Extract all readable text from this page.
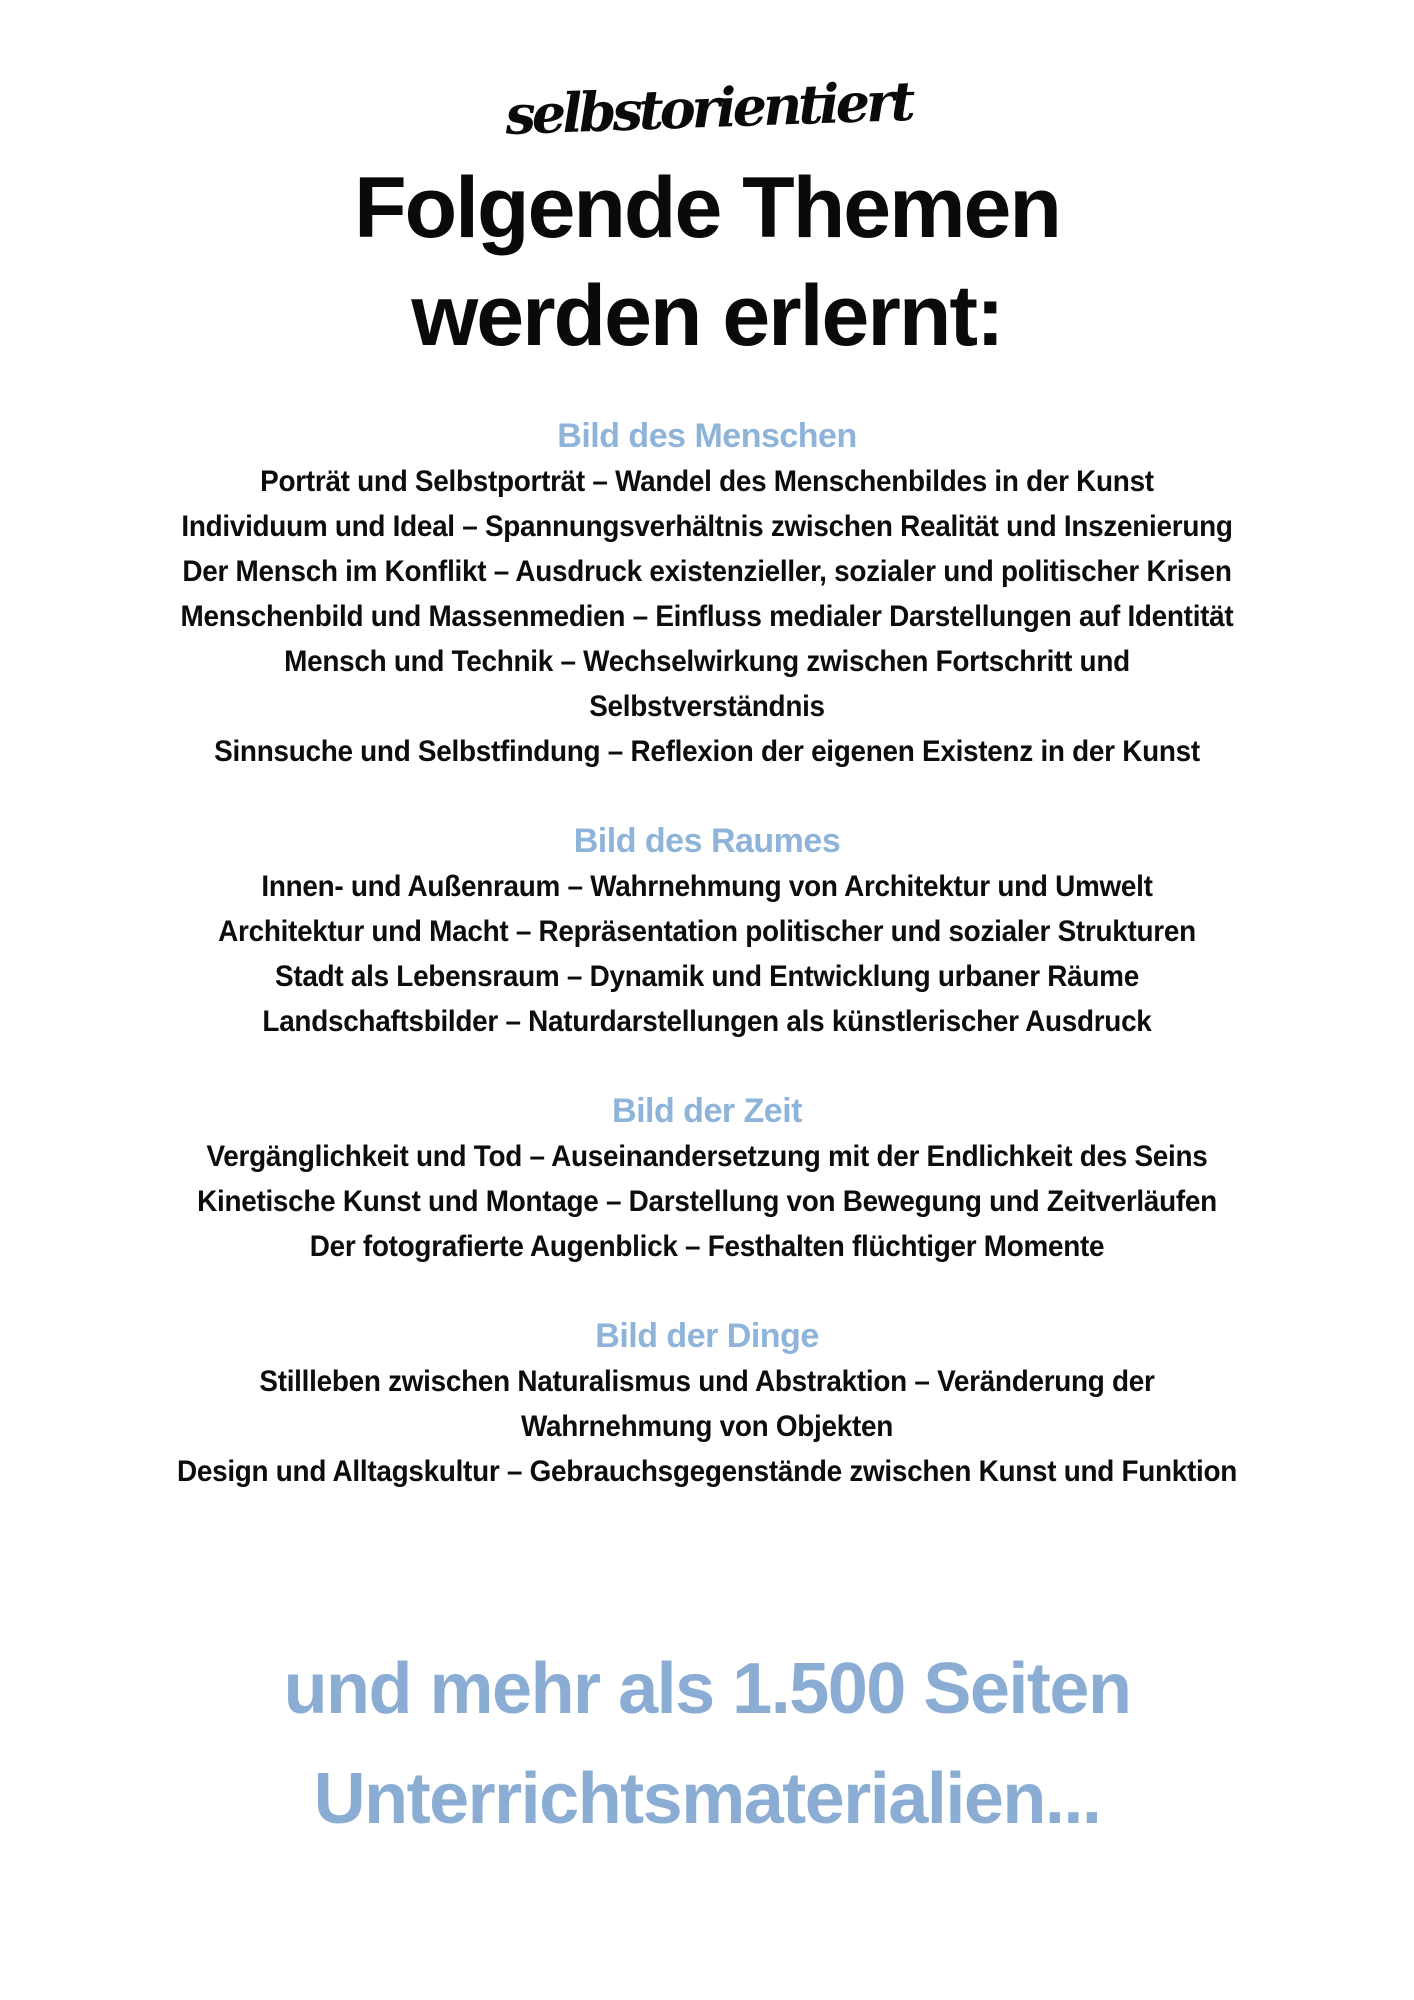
selbstorientiert
Folgende Themen
werden erlernt:
Bild des Menschen
Porträt und Selbstporträt – Wandel des Menschenbildes in der Kunst
Individuum und Ideal – Spannungsverhältnis zwischen Realität und Inszenierung
Der Mensch im Konflikt – Ausdruck existenzieller, sozialer und politischer Krisen
Menschenbild und Massenmedien – Einfluss medialer Darstellungen auf Identität
Mensch und Technik – Wechselwirkung zwischen Fortschritt und
Selbstverständnis
Sinnsuche und Selbstfindung – Reflexion der eigenen Existenz in der Kunst
Bild des Raumes
Innen- und Außenraum – Wahrnehmung von Architektur und Umwelt
Architektur und Macht – Repräsentation politischer und sozialer Strukturen
Stadt als Lebensraum – Dynamik und Entwicklung urbaner Räume
Landschaftsbilder – Naturdarstellungen als künstlerischer Ausdruck
Bild der Zeit
Vergänglichkeit und Tod – Auseinandersetzung mit der Endlichkeit des Seins
Kinetische Kunst und Montage – Darstellung von Bewegung und Zeitverläufen
Der fotografierte Augenblick – Festhalten flüchtiger Momente
Bild der Dinge
Stillleben zwischen Naturalismus und Abstraktion – Veränderung der
Wahrnehmung von Objekten
Design und Alltagskultur – Gebrauchsgegenstände zwischen Kunst und Funktion
und mehr als 1.500 Seiten
Unterrichtsmaterialien...
